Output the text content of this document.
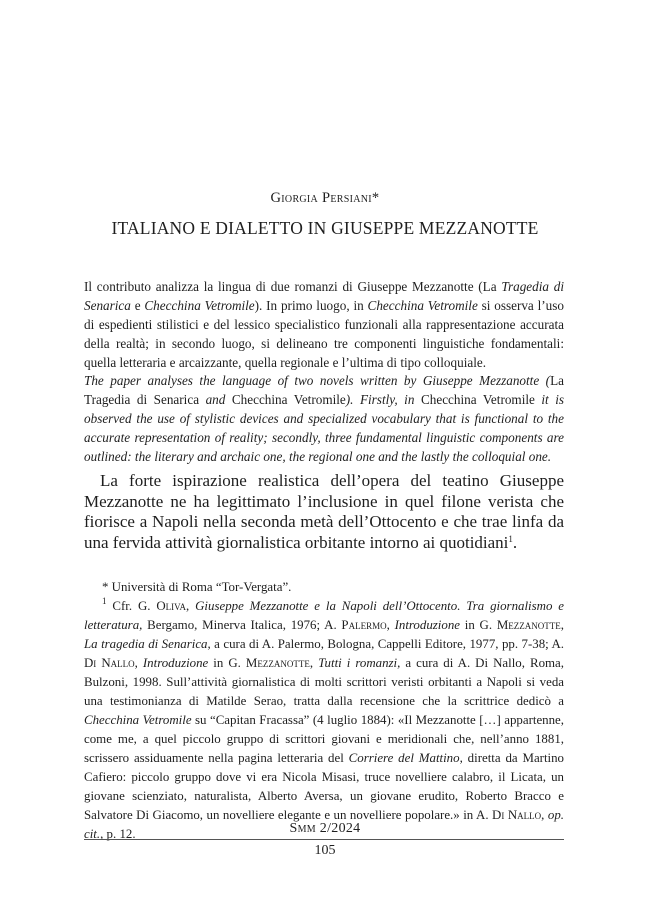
Giorgia Persiani*
ITALIANO E DIALETTO IN GIUSEPPE MEZZANOTTE
Il contributo analizza la lingua di due romanzi di Giuseppe Mezzanotte (La Tragedia di Senarica e Checchina Vetromile). In primo luogo, in Checchina Vetromile si osserva l’uso di espedienti stilistici e del lessico specialistico funzionali alla rappresentazione accurata della realtà; in secondo luogo, si delineano tre componenti linguistiche fondamentali: quella letteraria e arcaizzante, quella regionale e l’ultima di tipo colloquiale.
The paper analyses the language of two novels written by Giuseppe Mezzanotte (La Tragedia di Senarica and Checchina Vetromile). Firstly, in Checchina Vetromile it is observed the use of stylistic devices and specialized vocabulary that is functional to the accurate representation of reality; secondly, three fundamental linguistic components are outlined: the literary and archaic one, the regional one and the lastly the colloquial one.
La forte ispirazione realistica dell’opera del teatino Giuseppe Mezzanotte ne ha legittimato l’inclusione in quel filone verista che fiorisce a Napoli nella seconda metà dell’Ottocento e che trae linfa da una fervida attività giornalistica orbitante intorno ai quotidiani$^1$.

* Università di Roma “Tor-Vergata”.

$^1$ Cfr. G. Oliva, Giuseppe Mezzanotte e la Napoli dell’Ottocento. Tra giornalismo e letteratura, Bergamo, Minerva Italica, 1976; A. Palermo, Introduzione in G. Mezzanotte, La tragedia di Senarica, a cura di A. Palermo, Bologna, Cappelli Editore, 1977, pp. 7-38; A. Di Nallo, Introduzione in G. Mezzanotte, Tutti i romanzi, a cura di A. Di Nallo, Roma, Bulzoni, 1998. Sull’attività giornalistica di molti scrittori veristi orbitanti a Napoli si veda una testimonianza di Matilde Serao, tratta dalla recensione che la scrittrice dedicò a Checchina Vetromile su “Capitan Fracassa” (4 luglio 1884): «Il Mezzanotte […] appartenne, come me, a quel piccolo gruppo di scrittori giovani e meridionali che, nell’anno 1881, scrissero assiduamente nella pagina letteraria del Corriere del Mattino, diretta da Martino Cafiero: piccolo gruppo dove vi era Nicola Misasi, truce novelliere calabro, il Licata, un giovane scienziato, naturalista, Alberto Aversa, un giovane erudito, Roberto Bracco e Salvatore Di Giacomo, un novelliere elegante e un novelliere popolare.» in A. Di Nallo, op. cit., p. 12.	Smm 2/2024
105
